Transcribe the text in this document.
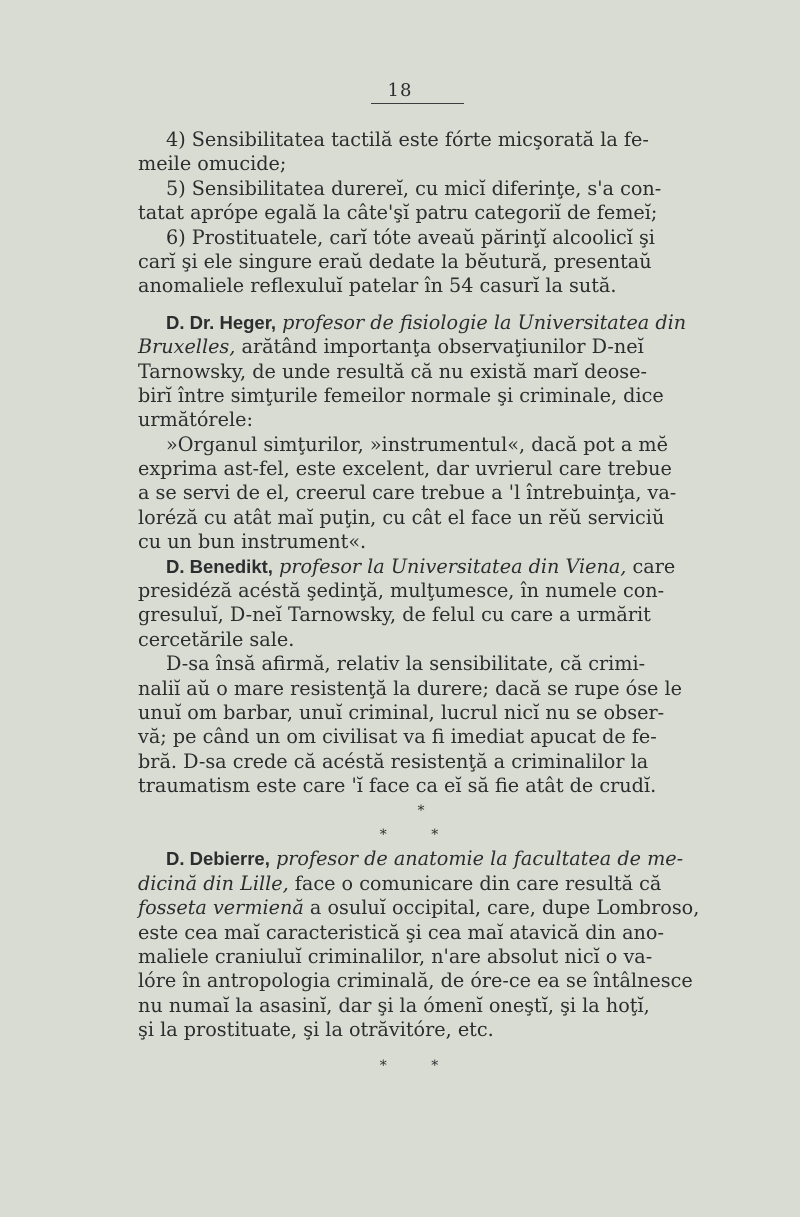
18
4) Sensibilitatea tactilă este fórte micşorată la fe-
meile omucide;
5) Sensibilitatea durereĭ, cu micĭ diferinţe, s'a con-
tatat aprópe egală la câte'şĭ patru categoriĭ de femeĭ;
6) Prostituatele, carĭ tóte aveaŭ părinţĭ alcoolicĭ şi
carĭ şi ele singure eraŭ dedate la bĕutură, presentaŭ
anomaliele reflexuluĭ patelar în 54 casurĭ la sută.
D. Dr. Heger, profesor de fisiologie la Universitatea din
Bruxelles, arătând importanţa observaţiunilor D-neĭ
Tarnowsky, de unde resultă că nu există marĭ deose-
birĭ între simţurile femeilor normale şi criminale, dice
următórele:
»Organul simţurilor, »instrumentul«, dacă pot a mĕ
exprima ast-fel, este excelent, dar uvrierul care trebue
a se servi de el, creerul care trebue a 'l întrebuinţa, va-
loréză cu atât maĭ puţin, cu cât el face un rĕŭ serviciŭ
cu un bun instrument«.
D. Benedikt, profesor la Universitatea din Viena, care
presidéză acéstă şedinţă, mulţumesce, în numele con-
gresuluĭ, D-neĭ Tarnowsky, de felul cu care a urmărit
cercetările sale.
D-sa însă afirmă, relativ la sensibilitate, că crimi-
naliĭ aŭ o mare resistenţă la durere; dacă se rupe óse le
unuĭ om barbar, unuĭ criminal, lucrul nicĭ nu se obser-
vă; pe când un om civilisat va fi imediat apucat de fe-
bră. D-sa crede că acéstă resistenţă a criminalilor la
traumatism este care 'ĭ face ca eĭ să fie atât de crudĭ.
*
* *
D. Debierre, profesor de anatomie la facultatea de me-
dicină din Lille, face o comunicare din care resultă că
fosseta vermienă a osuluĭ occipital, care, dupe Lombroso,
este cea maĭ caracteristică şi cea maĭ atavică din ano-
maliele craniuluĭ criminalilor, n'are absolut nicĭ o va-
lóre în antropologia criminală, de óre-ce ea se întâlnesce
nu numaĭ la asasinĭ, dar şi la ómenĭ oneştĭ, şi la hoţĭ,
şi la prostituate, şi la otrăvitóre, etc.
* *
